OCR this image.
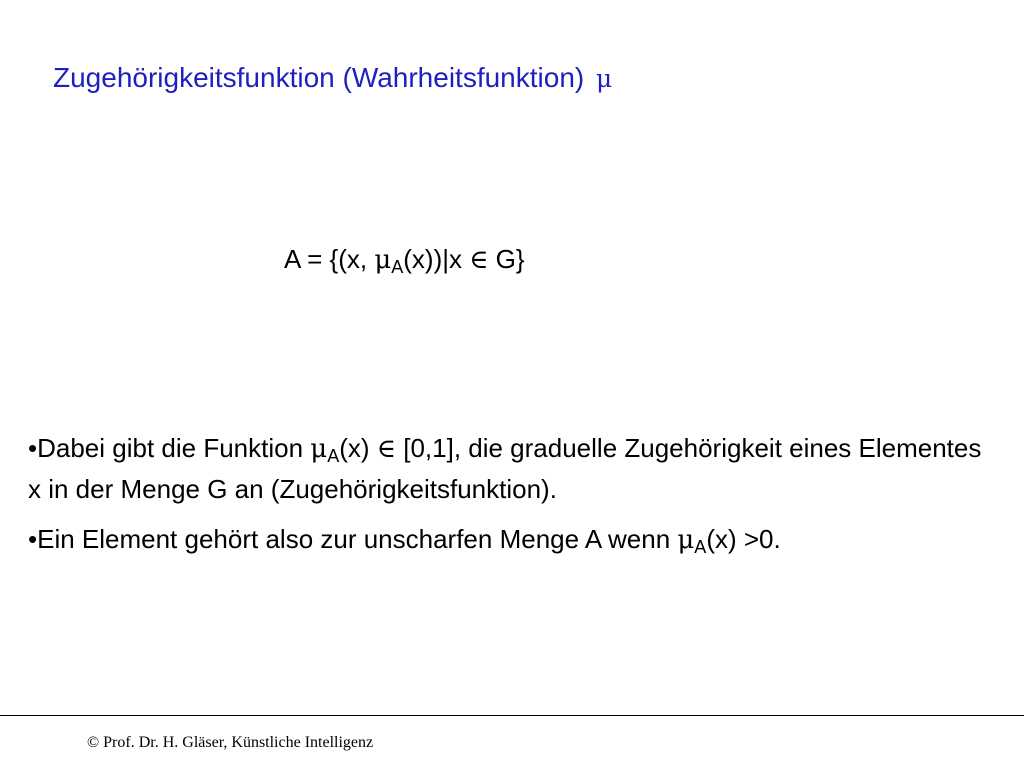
Zugehörigkeitsfunktion (Wahrheitsfunktion) μ
A = {(x, $\mu_A(x))|x$ ∈ G}

•Dabei gibt die Funktion $\mu_A(x)$ ∈ [0,1], die graduelle Zugehörigkeit eines Elementes x in der Menge G an (Zugehörigkeitsfunktion).

•Ein Element gehört also zur unscharfen Menge A wenn $\mu_A(x) >0$.

© Prof. Dr. H. Gläser, Künstliche Intelligenz
